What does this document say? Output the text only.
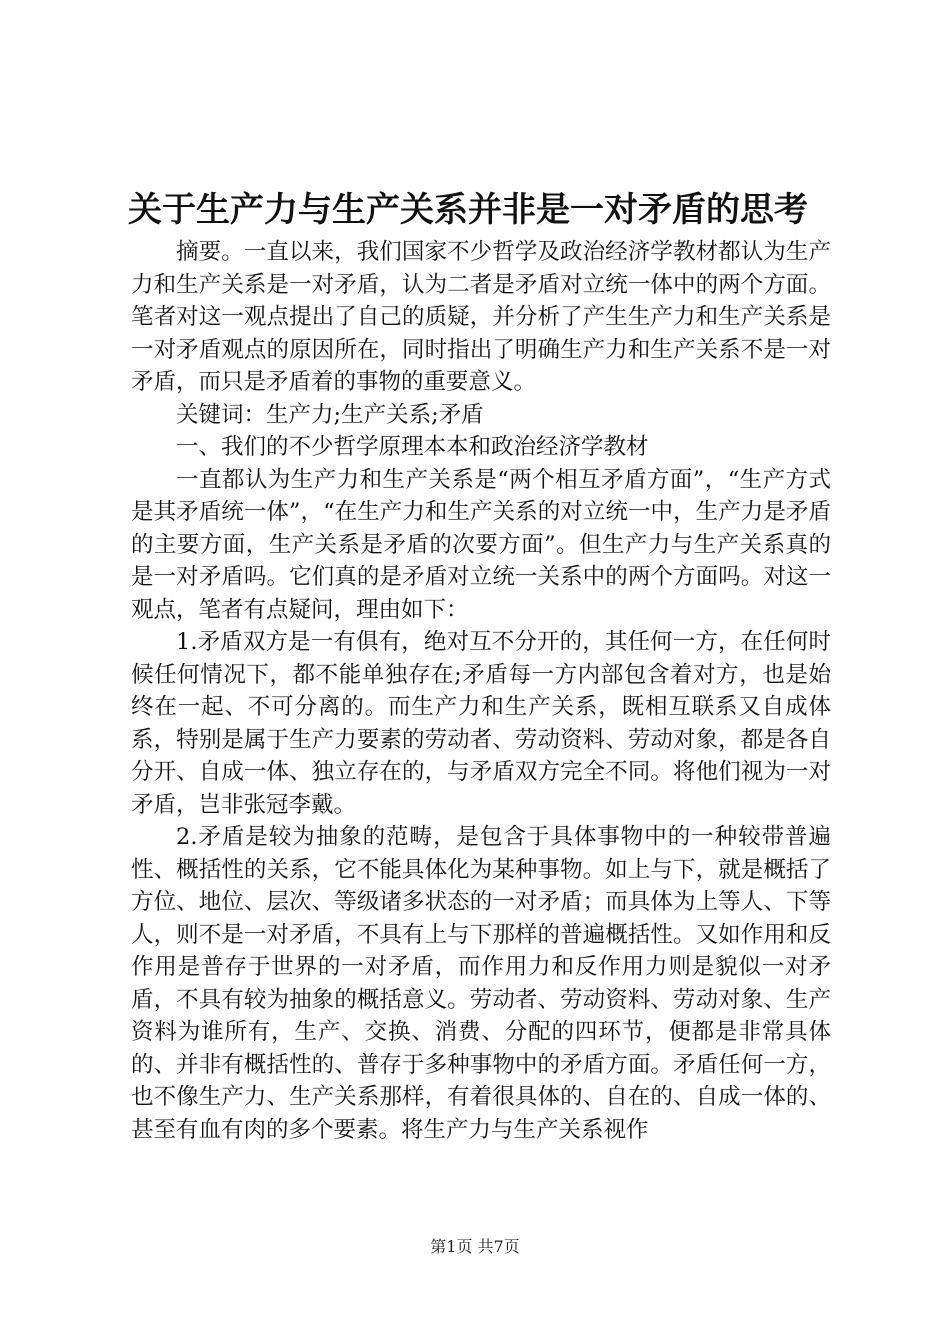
关于生产力与生产关系并非是一对矛盾的思考

摘要。一直以来，我们国家不少哲学及政治经济学教材都认为生产力和生产关系是一对矛盾，认为二者是矛盾对立统一体中的两个方面。笔者对这一观点提出了自己的质疑，并分析了产生生产力和生产关系是一对矛盾观点的原因所在，同时指出了明确生产力和生产关系不是一对矛盾，而只是矛盾着的事物的重要意义。

关键词：生产力;生产关系;矛盾

一、我们的不少哲学原理本本和政治经济学教材

一直都认为生产力和生产关系是“两个相互矛盾方面”，“生产方式是其矛盾统一体”，“在生产力和生产关系的对立统一中，生产力是矛盾的主要方面，生产关系是矛盾的次要方面”。但生产力与生产关系真的是一对矛盾吗。它们真的是矛盾对立统一关系中的两个方面吗。对这一观点，笔者有点疑问，理由如下：

1.矛盾双方是一有俱有，绝对互不分开的，其任何一方，在任何时候任何情况下，都不能单独存在;矛盾每一方内部包含着对方，也是始终在一起、不可分离的。而生产力和生产关系，既相互联系又自成体系，特别是属于生产力要素的劳动者、劳动资料、劳动对象，都是各自分开、自成一体、独立存在的，与矛盾双方完全不同。将他们视为一对矛盾，岂非张冠李戴。

2.矛盾是较为抽象的范畴，是包含于具体事物中的一种较带普遍性、概括性的关系，它不能具体化为某种事物。如上与下，就是概括了方位、地位、层次、等级诸多状态的一对矛盾；而具体为上等人、下等人，则不是一对矛盾，不具有上与下那样的普遍概括性。又如作用和反作用是普存于世界的一对矛盾，而作用力和反作用力则是貌似一对矛盾，不具有较为抽象的概括意义。劳动者、劳动资料、劳动对象、生产资料为谁所有，生产、交换、消费、分配的四环节，便都是非常具体的、并非有概括性的、普存于多种事物中的矛盾方面。矛盾任何一方，也不像生产力、生产关系那样，有着很具体的、自在的、自成一体的、甚至有血有肉的多个要素。将生产力与生产关系视作

第1页 共7页
